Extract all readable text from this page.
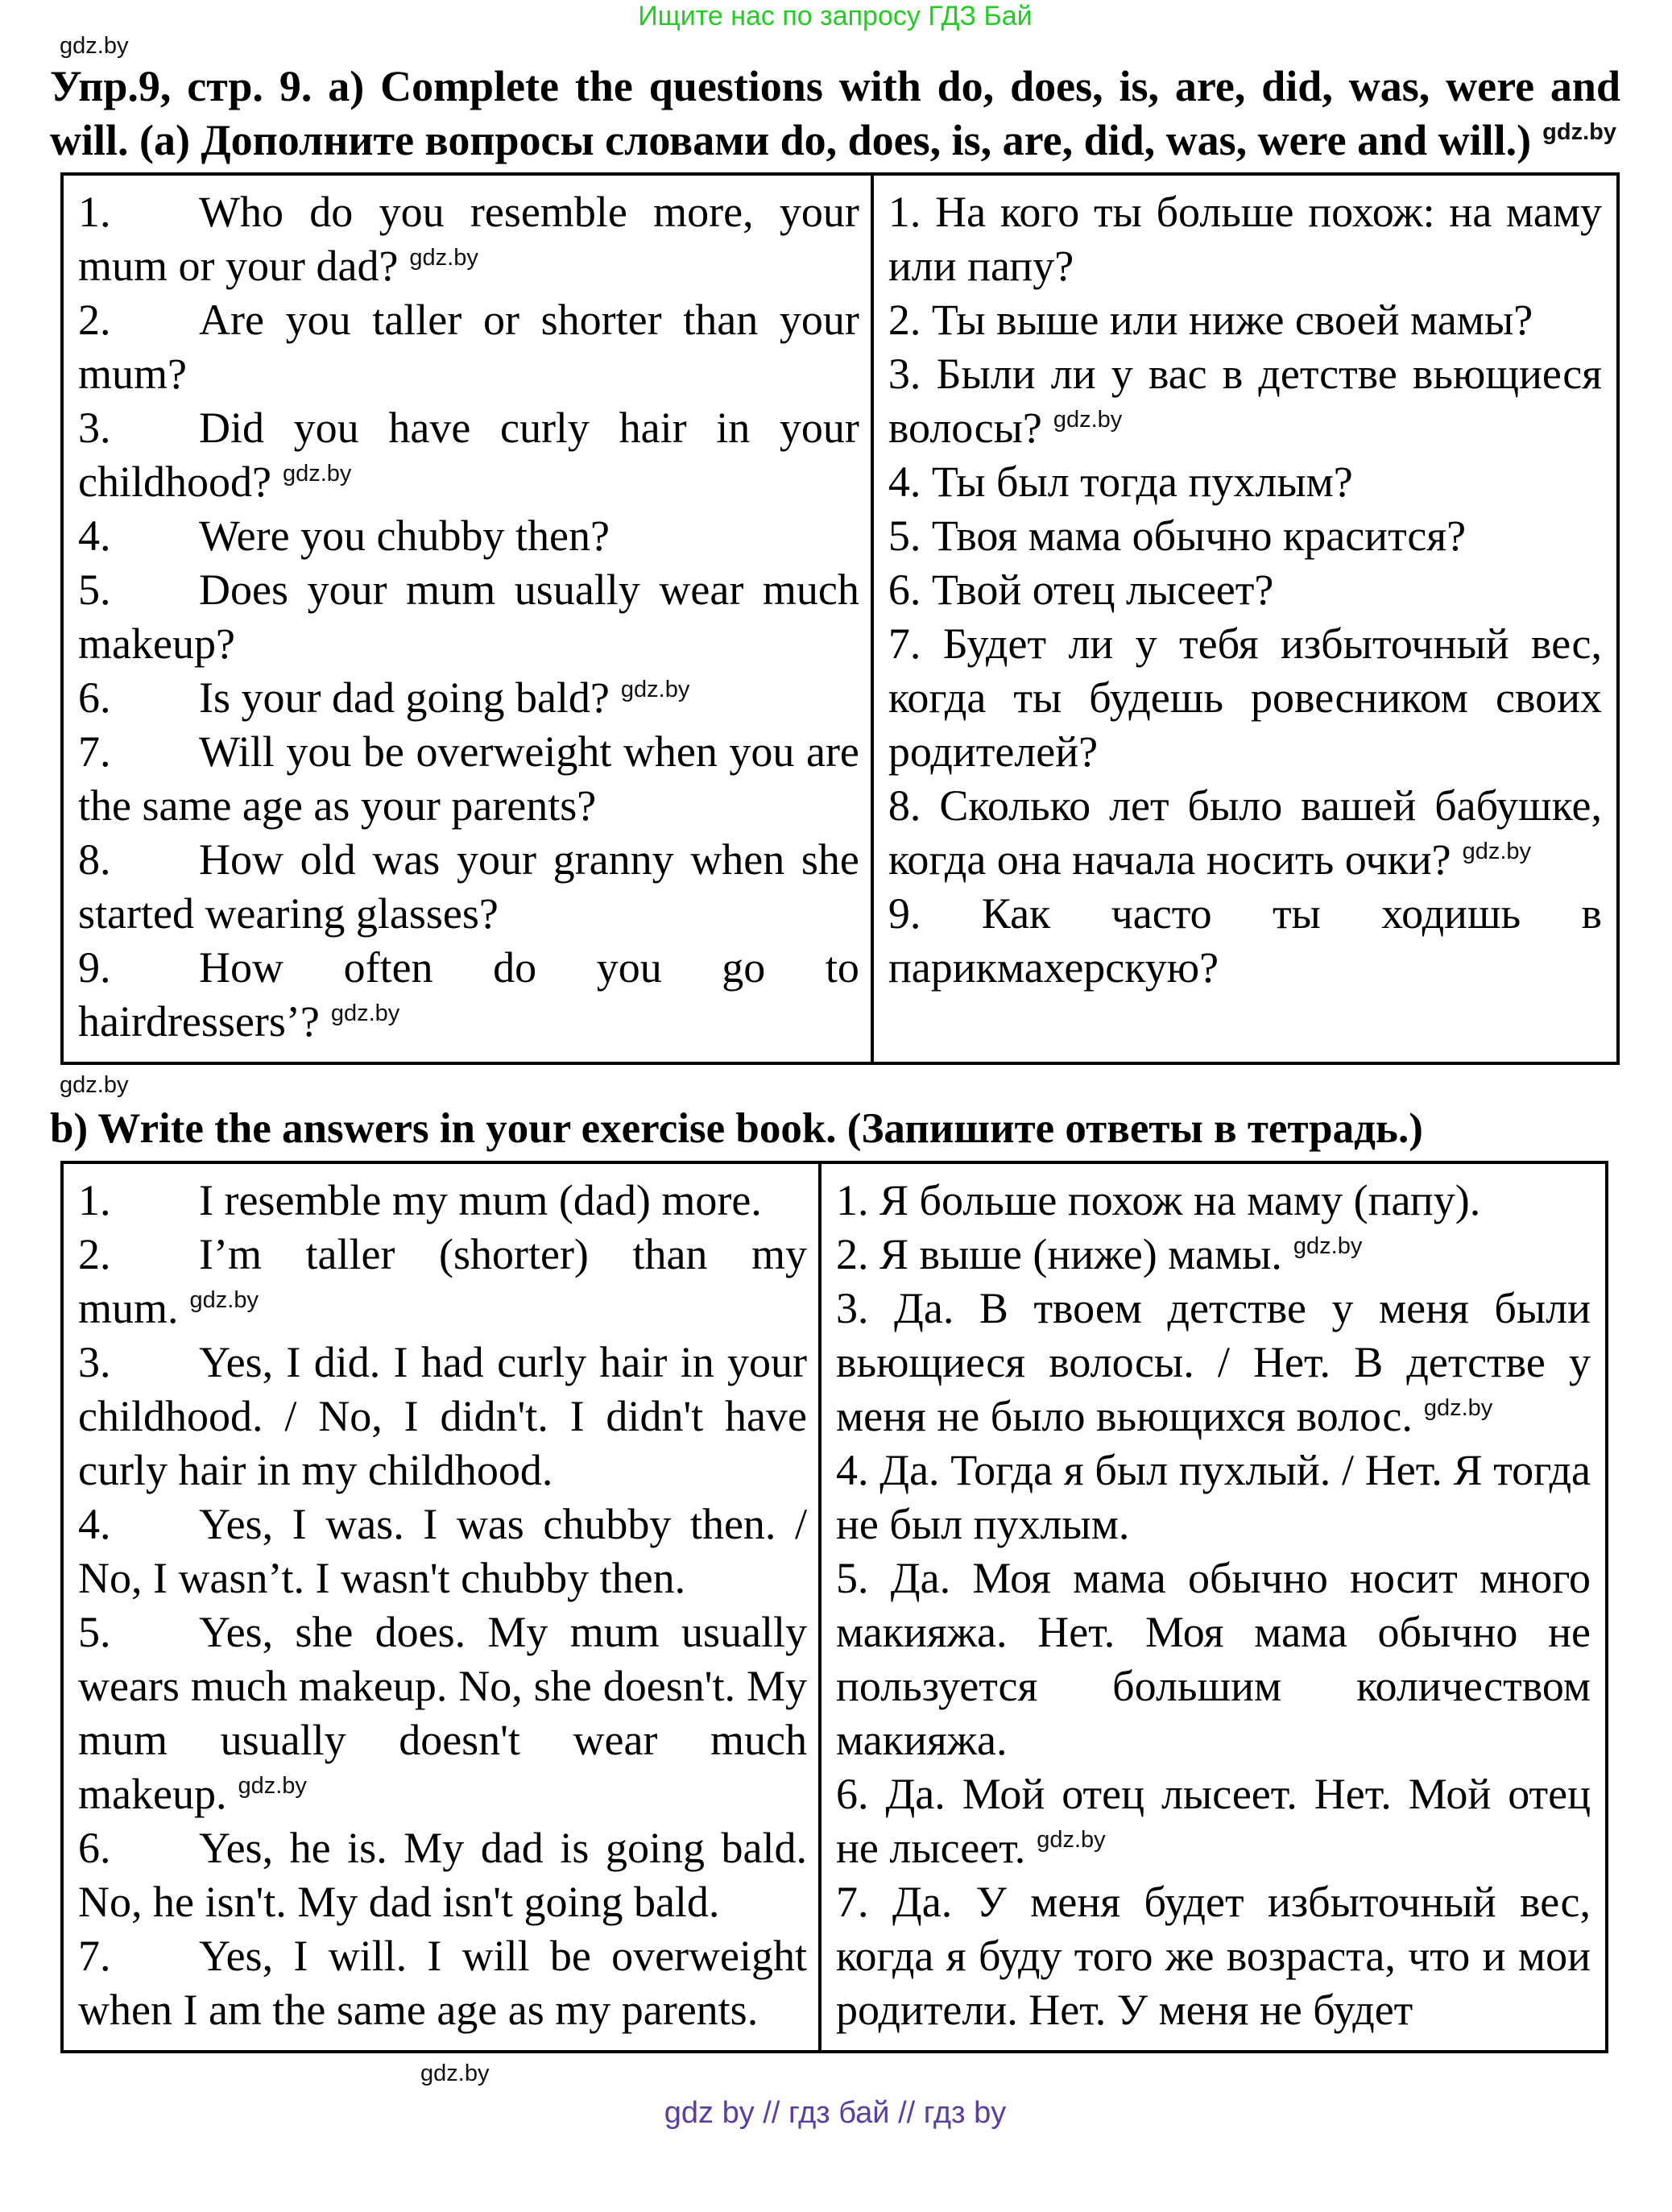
Ищите нас по запросу ГДЗ Бай
gdz.by
Упр.9, стр. 9. a) Complete the questions with do, does, is, are, did, was, were and will. (a) Дополните вопросы словами do, does, is, are, did, was, were and will.) $^{gdz.by}$

1. Who do you resemble more, your mum or your dad? $^{gdz.by}$

2. Are you taller or shorter than your mum?

3. Did you have curly hair in your childhood? $^{gdz.by}$

4. Were you chubby then?

5. Does your mum usually wear much makeup?

6. Is your dad going bald? $^{gdz.by}$

7. Will you be overweight when you are the same age as your parents?

8. How old was your granny when she started wearing glasses?

9. How often do you go to hairdressers’? $^{gdz.by}$

1. На кого ты больше похож: на маму или папу?

2. Ты выше или ниже своей мамы?

3. Были ли у вас в детстве вьющиеся волосы? $^{gdz.by}$

4. Ты был тогда пухлым?

5. Твоя мама обычно красится?

6. Твой отец лысеет?

7. Будет ли у тебя избыточный вес, когда ты будешь ровесником своих родителей?

8. Сколько лет было вашей бабушке, когда она начала носить очки? $^{gdz.by}$

9. Как часто ты ходишь в парикмахерскую?

gdz.by
b) Write the answers in your exercise book. (Запишите ответы в тетрадь.)

1. I resemble my mum (dad) more.

2. I’m taller (shorter) than my mum. $^{gdz.by}$

3. Yes, I did. I had curly hair in your childhood. / No, I didn't. I didn't have curly hair in my childhood.

4. Yes, I was. I was chubby then. / No, I wasn’t. I wasn't chubby then.

5. Yes, she does. My mum usually wears much makeup. No, she doesn't. My mum usually doesn't wear much makeup. $^{gdz.by}$

6. Yes, he is. My dad is going bald. No, he isn't. My dad isn't going bald.

7. Yes, I will. I will be overweight when I am the same age as my parents.

1. Я больше похож на маму (папу).

2. Я выше (ниже) мамы. $^{gdz.by}$

3. Да. В твоем детстве у меня были вьющиеся волосы. / Нет. В детстве у меня не было вьющихся волос. $^{gdz.by}$

4. Да. Тогда я был пухлый. / Нет. Я тогда не был пухлым.

5. Да. Моя мама обычно носит много макияжа. Нет. Моя мама обычно не пользуется большим количеством макияжа.

6. Да. Мой отец лысеет. Нет. Мой отец не лысеет. $^{gdz.by}$

7. Да. У меня будет избыточный вес, когда я буду того же возраста, что и мои родители. Нет. У меня не будет

gdz.by
gdz by // гдз бай // гдз by
